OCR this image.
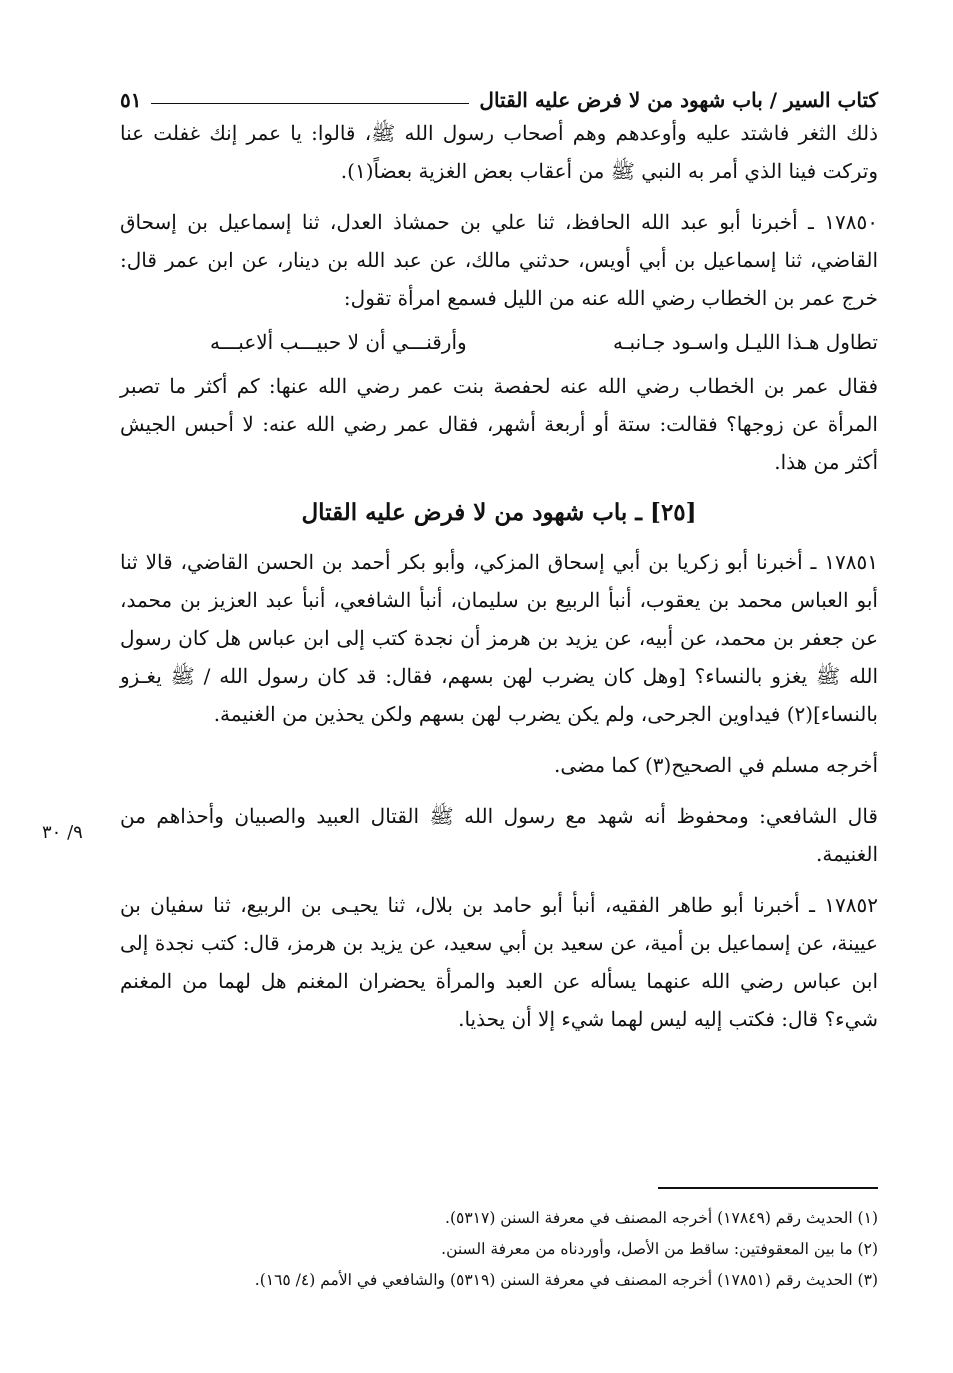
كتاب السير / باب شهود من لا فرض عليه القتال
٥١

ذلك الثغر فاشتد عليه وأوعدهم وهم أصحاب رسول الله ﷺ، قالوا: يا عمر إنك غفلت عنا وتركت فينا الذي أمر به النبي ﷺ من أعقاب بعض الغزية بعضاً(١).

١٧٨٥٠ ـ أخبرنا أبو عبد الله الحافظ، ثنا علي بن حمشاذ العدل، ثنا إسماعيل بن إسحاق القاضي، ثنا إسماعيل بن أبي أويس، حدثني مالك، عن عبد الله بن دينار، عن ابن عمر قال: خرج عمر بن الخطاب رضي الله عنه من الليل فسمع امرأة تقول:

تطاول هـذا الليـل واسـود جـانبـه
وأرقنـــي أن لا حبيـــب ألاعبـــه

فقال عمر بن الخطاب رضي الله عنه لحفصة بنت عمر رضي الله عنها: كم أكثر ما تصبر المرأة عن زوجها؟ فقالت: ستة أو أربعة أشهر، فقال عمر رضي الله عنه: لا أحبس الجيش أكثر من هذا.

[٢٥] ـ باب شهود من لا فرض عليه القتال

١٧٨٥١ ـ أخبرنا أبو زكريا بن أبي إسحاق المزكي، وأبو بكر أحمد بن الحسن القاضي، قالا ثنا أبو العباس محمد بن يعقوب، أنبأ الربيع بن سليمان، أنبأ الشافعي، أنبأ عبد العزيز بن محمد، عن جعفر بن محمد، عن أبيه، عن يزيد بن هرمز أن نجدة كتب إلى ابن عباس هل كان رسول الله ﷺ يغزو بالنساء؟ [وهل كان يضرب لهن بسهم، فقال: قد كان رسول الله / ﷺ يغـزو بالنساء](٢) فيداوين الجرحى، ولم يكن يضرب لهن بسهم ولكن يحذين من الغنيمة.

أخرجه مسلم في الصحيح(٣) كما مضى.

قال الشافعي: ومحفوظ أنه شهد مع رسول الله ﷺ القتال العبيد والصبيان وأحذاهم من الغنيمة.

١٧٨٥٢ ـ أخبرنا أبو طاهر الفقيه، أنبأ أبو حامد بن بلال، ثنا يحيـى بن الربيع، ثنا سفيان بن عيينة، عن إسماعيل بن أمية، عن سعيد بن أبي سعيد، عن يزيد بن هرمز، قال: كتب نجدة إلى ابن عباس رضي الله عنهما يسأله عن العبد والمرأة يحضران المغنم هل لهما من المغنم شيء؟ قال: فكتب إليه ليس لهما شيء إلا أن يحذيا.

٩/ ٣٠

(١) الحديث رقم (١٧٨٤٩) أخرجه المصنف في معرفة السنن (٥٣١٧).

(٢) ما بين المعقوفتين: ساقط من الأصل، وأوردناه من معرفة السنن.

(٣) الحديث رقم (١٧٨٥١) أخرجه المصنف في معرفة السنن (٥٣١٩) والشافعي في الأمم (٤/ ١٦٥).
